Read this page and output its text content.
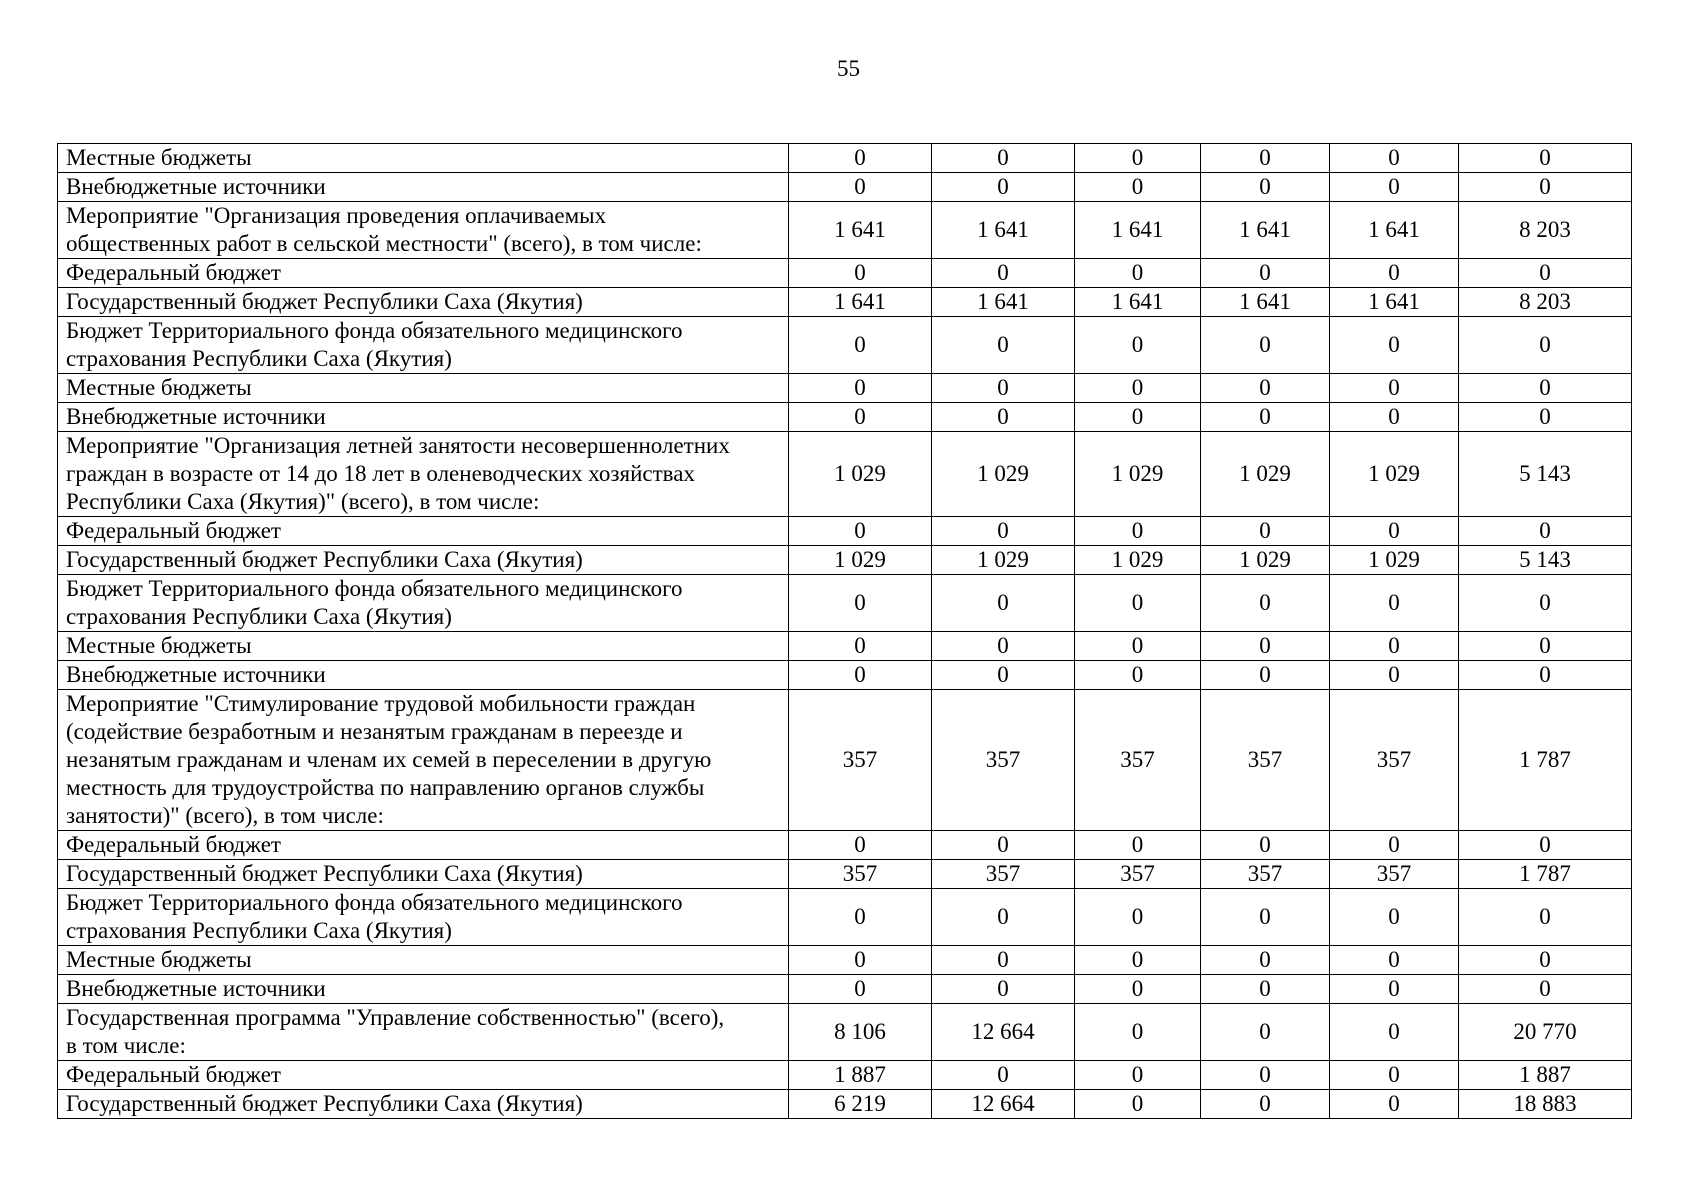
55
Местные бюджеты	0	0	0	0	0	0
Внебюджетные источники	0	0	0	0	0	0
Мероприятие "Организация проведения оплачиваемых
общественных работ в сельской местности" (всего), в том числе:	1 641	1 641	1 641	1 641	1 641	8 203
Федеральный бюджет	0	0	0	0	0	0
Государственный бюджет Республики Саха (Якутия)	1 641	1 641	1 641	1 641	1 641	8 203
Бюджет Территориального фонда обязательного медицинского
страхования Республики Саха (Якутия)	0	0	0	0	0	0
Местные бюджеты	0	0	0	0	0	0
Внебюджетные источники	0	0	0	0	0	0
Мероприятие "Организация летней занятости несовершеннолетних
граждан в возрасте от 14 до 18 лет в оленеводческих хозяйствах
Республики Саха (Якутия)" (всего), в том числе:	1 029	1 029	1 029	1 029	1 029	5 143
Федеральный бюджет	0	0	0	0	0	0
Государственный бюджет Республики Саха (Якутия)	1 029	1 029	1 029	1 029	1 029	5 143
Бюджет Территориального фонда обязательного медицинского
страхования Республики Саха (Якутия)	0	0	0	0	0	0
Местные бюджеты	0	0	0	0	0	0
Внебюджетные источники	0	0	0	0	0	0
Мероприятие "Стимулирование трудовой мобильности граждан
(содействие безработным и незанятым гражданам в переезде и
незанятым гражданам и членам их семей в переселении в другую
местность для трудоустройства по направлению органов службы
занятости)" (всего), в том числе:	357	357	357	357	357	1 787
Федеральный бюджет	0	0	0	0	0	0
Государственный бюджет Республики Саха (Якутия)	357	357	357	357	357	1 787
Бюджет Территориального фонда обязательного медицинского
страхования Республики Саха (Якутия)	0	0	0	0	0	0
Местные бюджеты	0	0	0	0	0	0
Внебюджетные источники	0	0	0	0	0	0
Государственная программа "Управление собственностью" (всего),
в том числе:	8 106	12 664	0	0	0	20 770
Федеральный бюджет	1 887	0	0	0	0	1 887
Государственный бюджет Республики Саха (Якутия)	6 219	12 664	0	0	0	18 883
